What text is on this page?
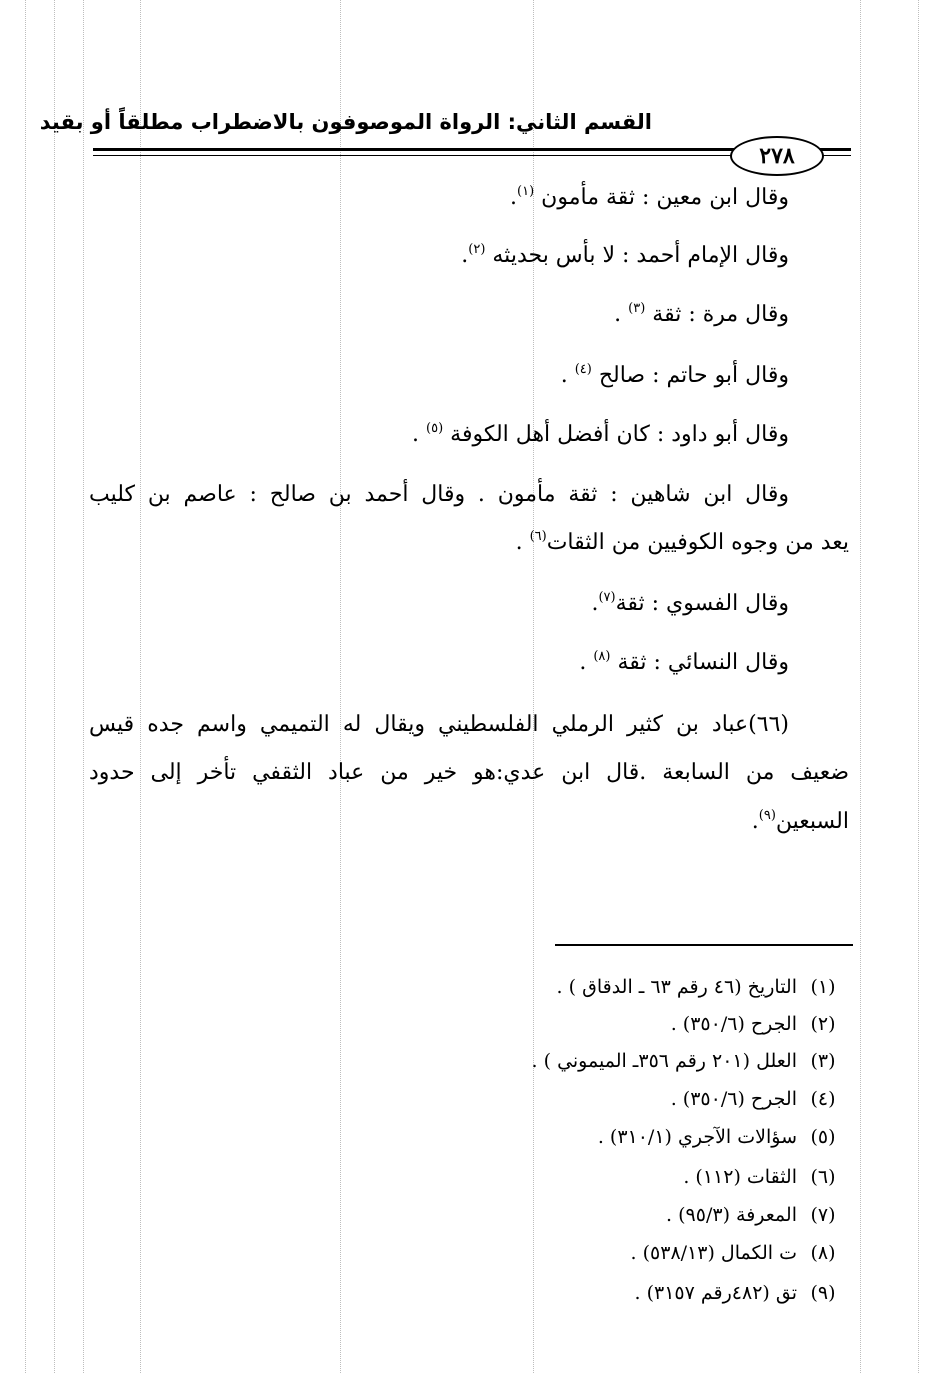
القسم الثاني: الرواة الموصوفون بالاضطراب مطلقاً أو بقيد
٢٧٨
وقال ابن معين : ثقة مأمون $^{(١)}$.
وقال الإمام أحمد : لا بأس بحديثه $^{(٢)}$.
وقال مرة : ثقة $^{(٣)}$ .
وقال أبو حاتم : صالح $^{(٤)}$ .
وقال أبو داود : كان أفضل أهل الكوفة $^{(٥)}$ .
وقال ابن شاهين : ثقة مأمون . وقال أحمد بن صالح : عاصم بن كليب
يعد من وجوه الكوفيين من الثقات$^{(٦)}$ .
وقال الفسوي : ثقة$^{(٧)}$.
وقال النسائي : ثقة $^{(٨)}$ .
(٦٦)عباد بن كثير الرملي الفلسطيني ويقال له التميمي واسم جده قيس
ضعيف من السابعة .قال ابن عدي:هو خير من عباد الثقفي تأخر إلى حدود
السبعين$^{(٩)}$.
(١)التاريخ (٤٦ رقم ٦٣ ـ الدقاق ) .
(٢)الجرح (٣٥٠/٦) .
(٣)العلل (٢٠١ رقم ٣٥٦ـ الميموني ) .
(٤)الجرح (٣٥٠/٦) .
(٥)سؤالات الآجري (٣١٠/١) .
(٦)الثقات (١١٢) .
(٧)المعرفة (٩٥/٣) .
(٨)ت الكمال (٥٣٨/١٣) .
(٩)تق (٤٨٢رقم ٣١٥٧) .
